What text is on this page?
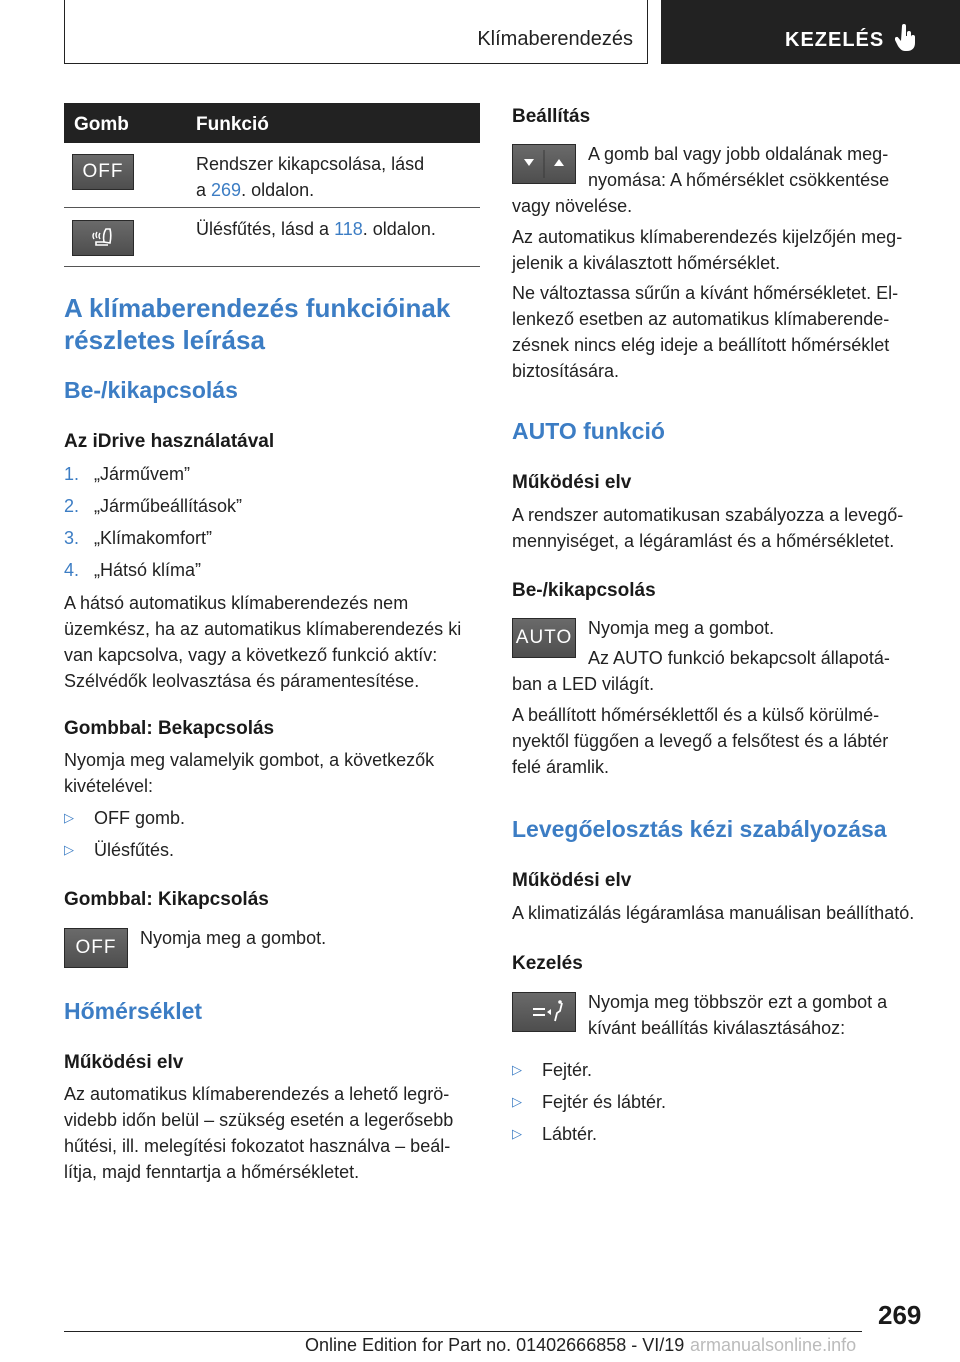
Klímaberendezés	KEZELÉS
Gomb	Funkció
OFF	Rendszer kikapcsolása, lásd
a 269. oldalon.
Ülésfűtés, lásd a 118. oldalon.
A klímaberendezés funkcióinak
részletes leírása
Be-/kikapcsolás
Az iDrive használatával
1. „Járművem”
2. „Járműbeállítások”
3. „Klímakomfort”
4. „Hátsó klíma”
A hátsó automatikus klímaberendezés nem
üzemkész, ha az automatikus klímaberendezés ki
van kapcsolva, vagy a következő funkció aktív:
Szélvédők leolvasztása és páramentesítése.
Gombbal: Bekapcsolás
Nyomja meg valamelyik gombot, a következők
kivételével:
▷ OFF gomb.
▷ Ülésfűtés.
Gombbal: Kikapcsolás
OFF Nyomja meg a gombot.
Hőmérséklet
Működési elv
Az automatikus klímaberendezés a lehető legrö-
videbb időn belül – szükség esetén a legerősebb
hűtési, ill. melegítési fokozatot használva – beál-
lítja, majd fenntartja a hőmérsékletet.
Beállítás
A gomb bal vagy jobb oldalának meg-
nyomása: A hőmérséklet csökkentése
vagy növelése.
Az automatikus klímaberendezés kijelzőjén meg-
jelenik a kiválasztott hőmérséklet.
Ne változtassa sűrűn a kívánt hőmérsékletet. El-
lenkező esetben az automatikus klímaberende-
zésnek nincs elég ideje a beállított hőmérséklet
biztosítására.
AUTO funkció
Működési elv
A rendszer automatikusan szabályozza a levegő-
mennyiséget, a légáramlást és a hőmérsékletet.
Be-/kikapcsolás
AUTO Nyomja meg a gombot.
Az AUTO funkció bekapcsolt állapotá-
ban a LED világít.
A beállított hőmérséklettől és a külső körülmé-
nyektől függően a levegő a felsőtest és a lábtér
felé áramlik.
Levegőelosztás kézi szabályozása
Működési elv
A klimatizálás légáramlása manuálisan beállítható.
Kezelés
Nyomja meg többször ezt a gombot a
kívánt beállítás kiválasztásához:
▷ Fejtér.
▷ Fejtér és lábtér.
▷ Lábtér.
269
Online Edition for Part no. 01402666858 - VI/19 armanualsonline.info
